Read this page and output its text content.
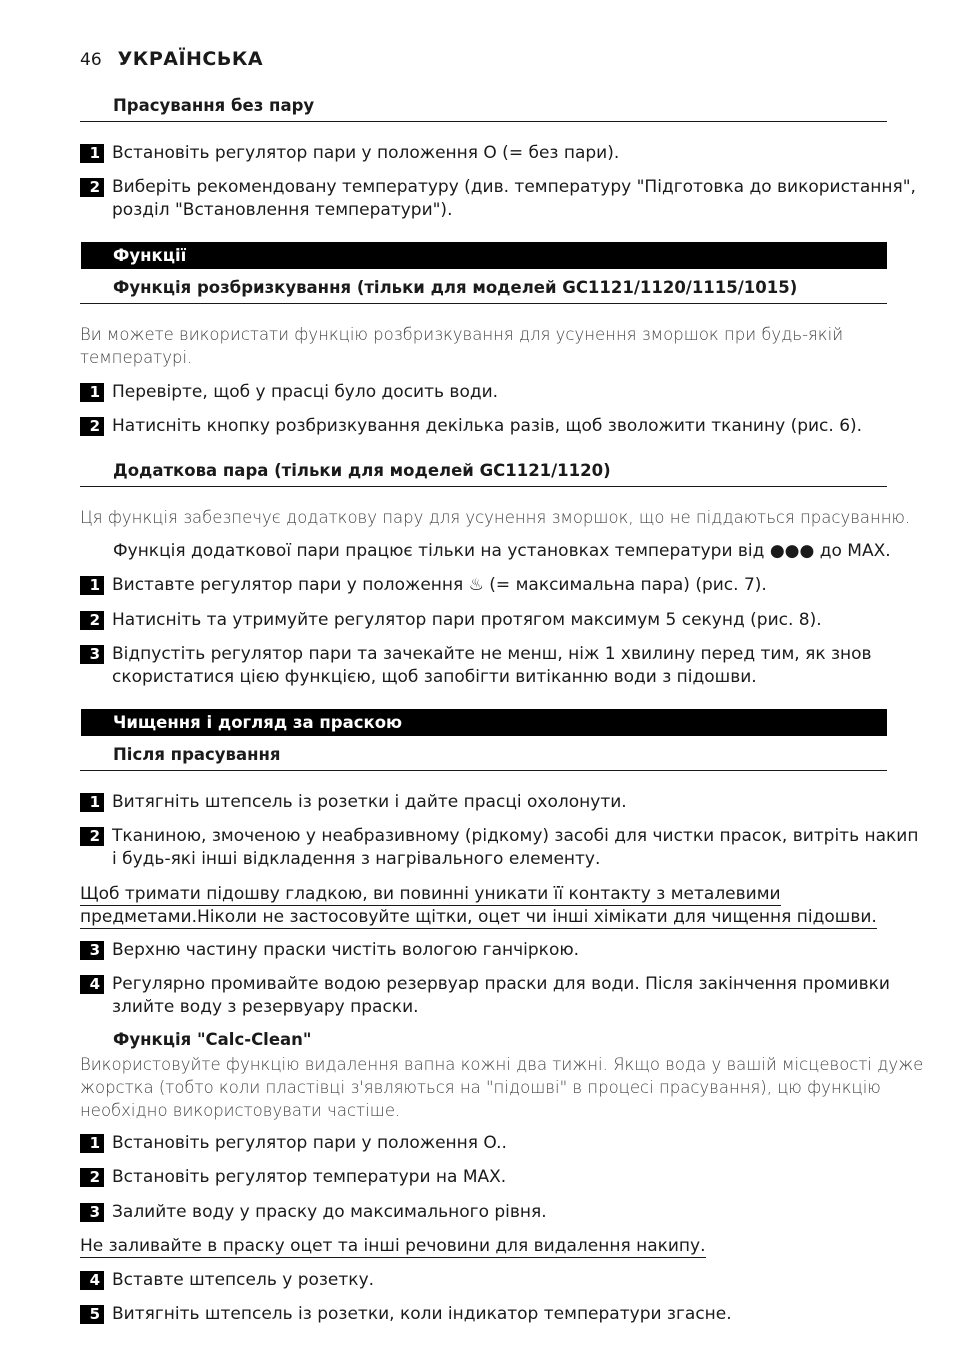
46 УКРАЇНСЬКА
Прасування без пару
1 Встановіть регулятор пари у положення O (= без пари).
2 Виберіть рекомендовану температуру (див. температуру "Підготовка до використання",
розділ "Встановлення температури").
Функції
Функція розбризкування (тільки для моделей GC1121/1120/1115/1015)
Ви можете використати функцію розбризкування для усунення зморшок при будь-якій
температурі.
1 Перевірте, щоб у прасці було досить води.
2 Натисніть кнопку розбризкування декілька разів, щоб зволожити тканину (рис. 6).
Додаткова пара (тільки для моделей GC1121/1120)
Ця функція забезпечує додаткову пару для усунення зморшок, що не піддаються прасуванню.
Функція додаткової пари працює тільки на установках температури від ●●● до MAX.
1 Виставте регулятор пари у положення ♨ (= максимальна пара) (рис. 7).
2 Натисніть та утримуйте регулятор пари протягом максимум 5 секунд (рис. 8).
3 Відпустіть регулятор пари та зачекайте не менш, ніж 1 хвилину перед тим, як знов
скористатися цією функцією, щоб запобігти витіканню води з підошви.
Чищення і догляд за праскою
Після прасування
1 Витягніть штепсель із розетки і дайте прасці охолонути.
2 Тканиною, змоченою у неабразивному (рідкому) засобі для чистки прасок, витріть накип
і будь-які інші відкладення з нагрівального елементу.
Щоб тримати підошву гладкою, ви повинні уникати її контакту з металевими
предметами.Ніколи не застосовуйте щітки, оцет чи інші хімікати для чищення підошви.
3 Верхню частину праски чистіть вологою ганчіркою.
4 Регулярно промивайте водою резервуар праски для води. Після закінчення промивки
злийте воду з резервуару праски.
Функція "Calc-Clean"
Використовуйте функцію видалення вапна кожні два тижні. Якщо вода у вашій місцевості дуже
жорстка (тобто коли пластівці з'являються на "підошві" в процесі прасування), цю функцію
необхідно використовувати частіше.
1 Встановіть регулятор пари у положення O..
2 Встановіть регулятор температури на MAX.
3 Залийте воду у праску до максимального рівня.
Не заливайте в праску оцет та інші речовини для видалення накипу.
4 Вставте штепсель у розетку.
5 Витягніть штепсель із розетки, коли індикатор температури згасне.
